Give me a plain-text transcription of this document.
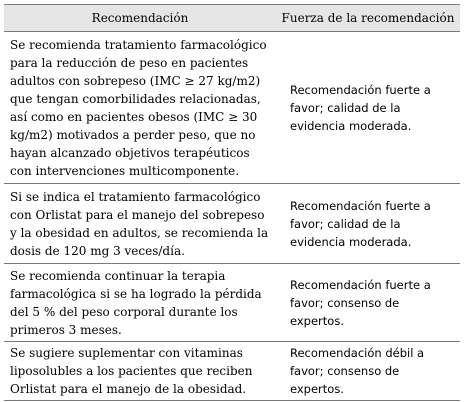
Recomendación	Fuerza de la recomendación
Se recomienda tratamiento farmacológico para la reducción de peso en pacientes adultos con sobrepeso (IMC ≥ 27 kg/m2) que tengan comorbilidades relacionadas, así como en pacientes obesos (IMC ≥ 30 kg/m2) motivados a perder peso, que no hayan alcanzado objetivos terapéuticos con intervenciones multicomponente.	Recomendación fuerte a favor; calidad de la evidencia moderada.
Si se indica el tratamiento farmacológico con Orlistat para el manejo del sobrepeso y la obesidad en adultos, se recomienda la dosis de 120 mg 3 veces/día.	Recomendación fuerte a favor; calidad de la evidencia moderada.
Se recomienda continuar la terapia farmacológica si se ha logrado la pérdida del 5 % del peso corporal durante los primeros 3 meses.	Recomendación fuerte a favor; consenso de expertos.
Se sugiere suplementar con vitaminas liposolubles a los pacientes que reciben Orlistat para el manejo de la obesidad.	Recomendación débil a favor; consenso de expertos.
